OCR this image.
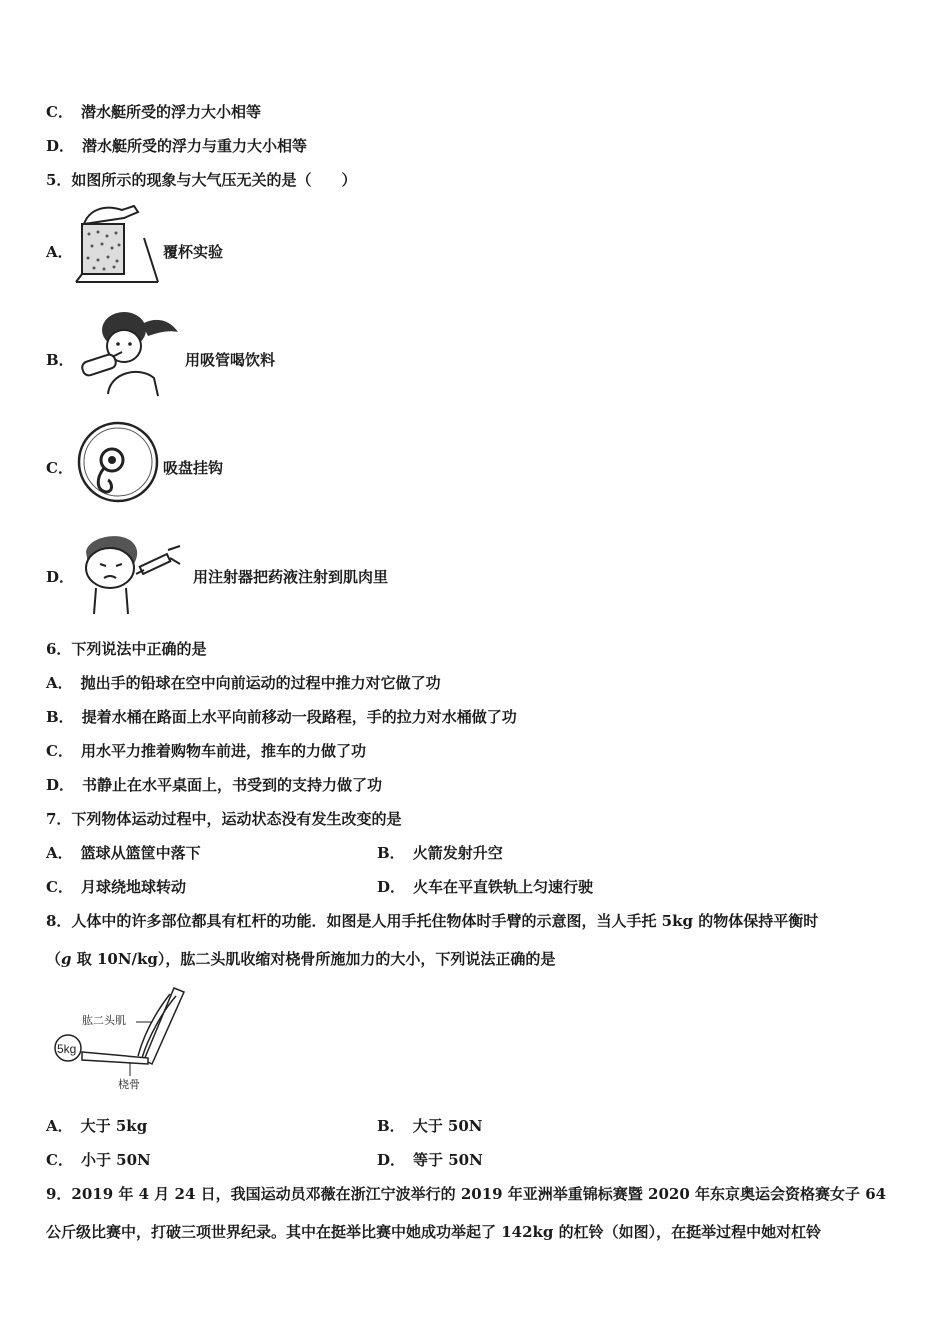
C． 潜水艇所受的浮力大小相等
D． 潜水艇所受的浮力与重力大小相等
5．如图所示的现象与大气压无关的是（　　）
A．	覆杯实验
B．	用吸管喝饮料
C．	吸盘挂钩
D．	用注射器把药液注射到肌肉里
6．下列说法中正确的是
A． 抛出手的铅球在空中向前运动的过程中推力对它做了功
B． 提着水桶在路面上水平向前移动一段路程，手的拉力对水桶做了功
C． 用水平力推着购物车前进，推车的力做了功
D． 书静止在水平桌面上，书受到的支持力做了功
7．下列物体运动过程中，运动状态没有发生改变的是
A． 篮球从篮筐中落下	B． 火箭发射升空
C． 月球绕地球转动	D． 火车在平直铁轨上匀速行驶
8．人体中的许多部位都具有杠杆的功能．如图是人用手托住物体时手臂的示意图，当人手托 5kg 的物体保持平衡时
（g 取 10N/kg），肱二头肌收缩对桡骨所施加力的大小，下列说法正确的是
5kg
肱二头肌
桡骨
A． 大于 5kg	B． 大于 50N
C． 小于 50N	D． 等于 50N
9．2019 年 4 月 24 日，我国运动员邓薇在浙江宁波举行的 2019 年亚洲举重锦标赛暨 2020 年东京奥运会资格赛女子 64
公斤级比赛中，打破三项世界纪录。其中在挺举比赛中她成功举起了 142kg 的杠铃（如图），在挺举过程中她对杠铃
